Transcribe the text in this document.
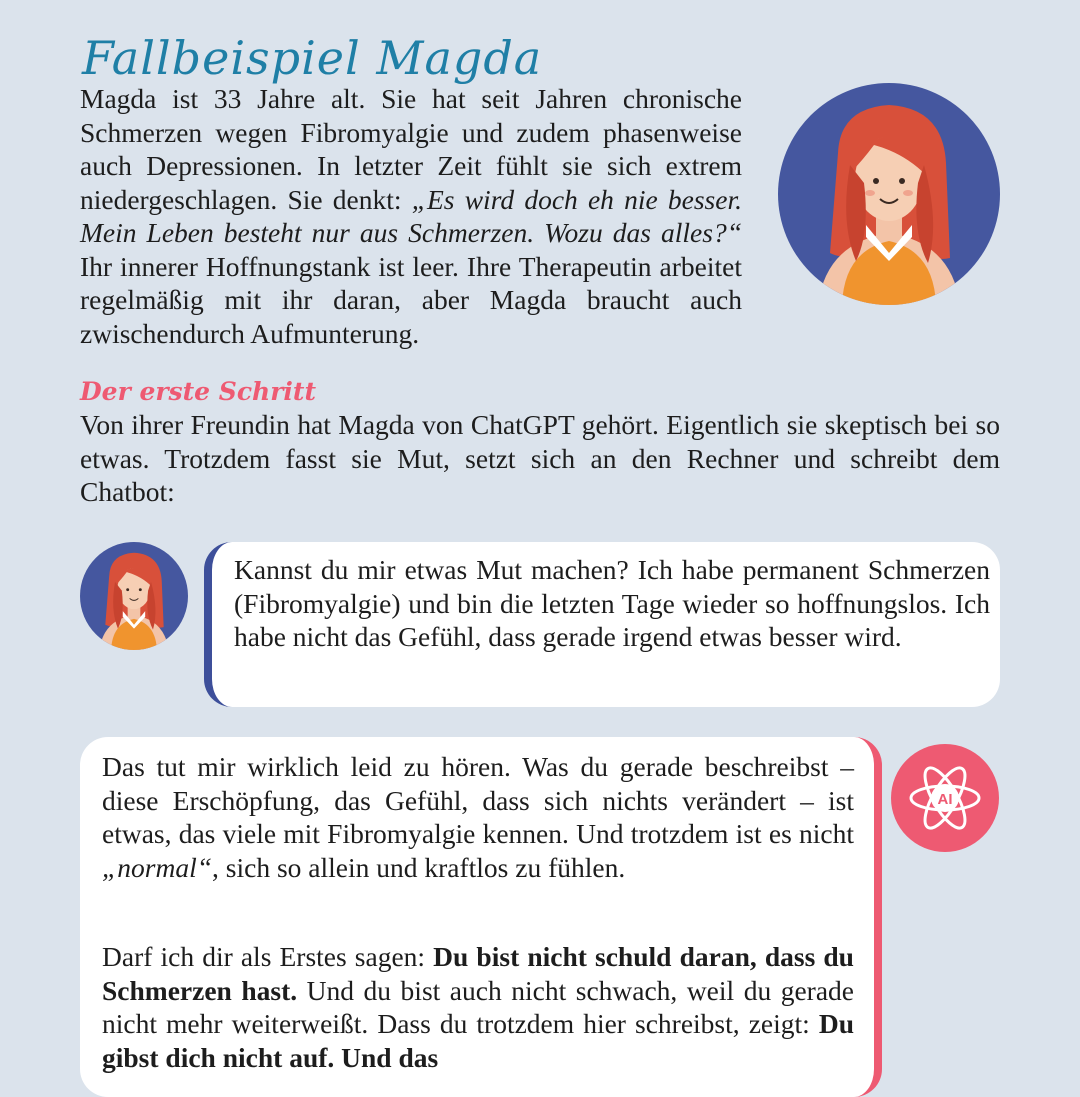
Fallbeispiel Magda

Magda ist 33 Jahre alt. Sie hat seit Jahren chronische Schmerzen wegen Fibromyalgie und zudem phasenweise auch Depressionen. In letzter Zeit fühlt sie sich extrem niedergeschlagen. Sie denkt: „Es wird doch eh nie besser. Mein Leben besteht nur aus Schmerzen. Wozu das alles?“ Ihr innerer Hoffnungstank ist leer. Ihre Therapeutin arbeitet regelmäßig mit ihr daran, aber Magda braucht auch zwischendurch Aufmunterung.

Der erste Schritt

Von ihrer Freundin hat Magda von ChatGPT gehört. Eigentlich sie skeptisch bei so etwas. Trotzdem fasst sie Mut, setzt sich an den Rechner und schreibt dem Chatbot:

Kannst du mir etwas Mut machen? Ich habe permanent Schmerzen (Fibromyalgie) und bin die letzten Tage wieder so hoffnungslos. Ich habe nicht das Gefühl, dass gerade irgend etwas besser wird.

Das tut mir wirklich leid zu hören. Was du gerade beschreibst – diese Erschöpfung, das Gefühl, dass sich nichts verändert – ist etwas, das viele mit Fibromyalgie kennen. Und trotzdem ist es nicht „normal“, sich so allein und kraftlos zu fühlen.

Darf ich dir als Erstes sagen: Du bist nicht schuld daran, dass du Schmerzen hast. Und du bist auch nicht schwach, weil du gerade nicht mehr weiterweißt. Dass du trotzdem hier schreibst, zeigt: Du gibst dich nicht auf. Und das

AI
